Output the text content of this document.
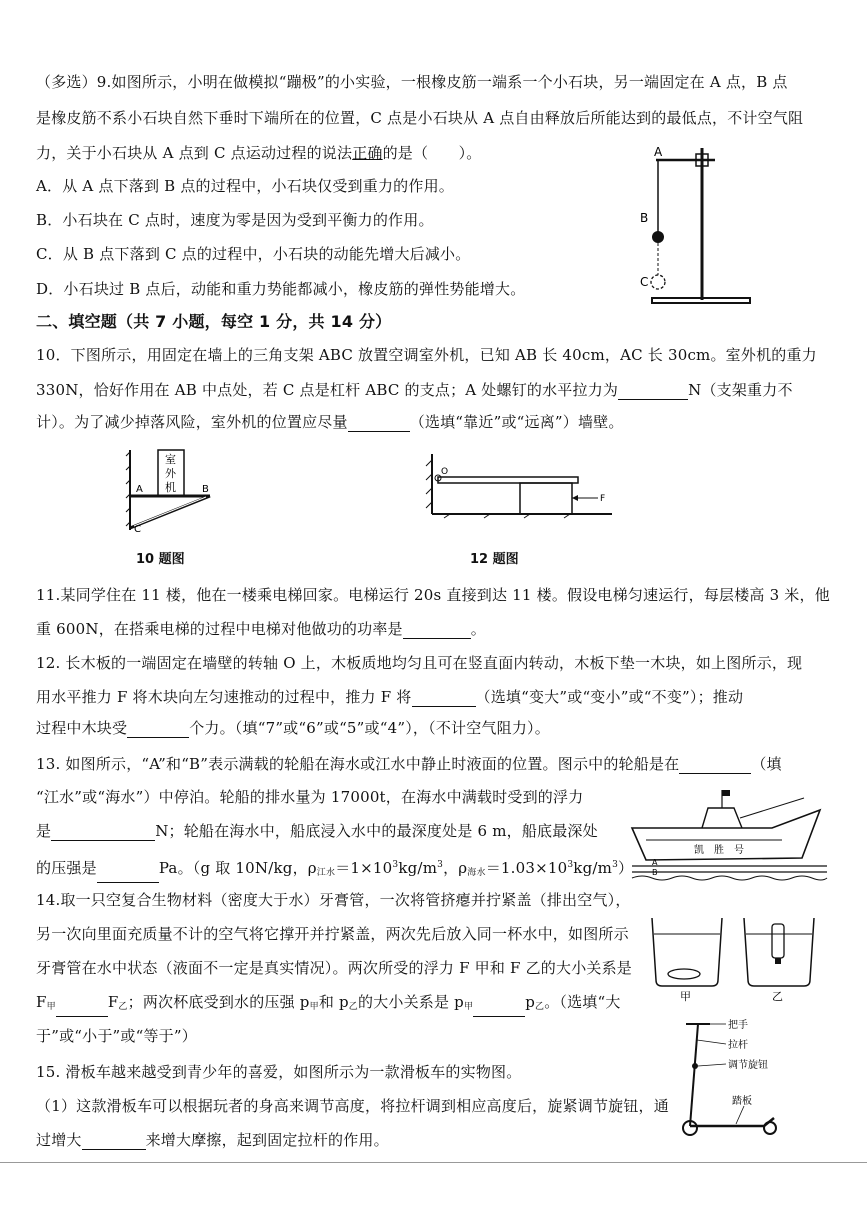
（多选）9.如图所示，小明在做模拟“蹦极”的小实验，一根橡皮筋一端系一个小石块，另一端固定在 A 点，B 点
是橡皮筋不系小石块自然下垂时下端所在的位置，C 点是小石块从 A 点自由释放后所能达到的最低点，不计空气阻
力，关于小石块从 A 点到 C 点运动过程的说法正确的是（　　）。
A．从 A 点下落到 B 点的过程中，小石块仅受到重力的作用。
B．小石块在 C 点时，速度为零是因为受到平衡力的作用。
C．从 B 点下落到 C 点的过程中，小石块的动能先增大后减小。
D．小石块过 B 点后，动能和重力势能都减小，橡皮筋的弹性势能增大。
A
B
C
二、填空题（共 7 小题，每空 1 分，共 14 分）
10．下图所示，用固定在墙上的三角支架 ABC 放置空调室外机，已知 AB 长 40cm，AC 长 30cm。室外机的重力
330N，恰好作用在 AB 中点处，若 C 点是杠杆 ABC 的支点；A 处螺钉的水平拉力为	N（支架重力不
计）。为了减少掉落风险，室外机的位置应尽量	（选填“靠近”或“远离”）墙壁。
室
外
机
A	B
C
10 题图
F
O
12 题图
11.某同学住在 11 楼，他在一楼乘电梯回家。电梯运行 20s 直接到达 11 楼。假设电梯匀速运行，每层楼高 3 米，他
重 600N，在搭乘电梯的过程中电梯对他做功的功率是	。
12. 长木板的一端固定在墙壁的转轴 O 上，木板质地均匀且可在竖直面内转动，木板下垫一木块，如上图所示，现
用水平推力 F 将木块向左匀速推动的过程中，推力 F 将	（选填“变大”或“变小”或“不变”）；推动
过程中木块受	个力。（填“7”或“6”或“5”或“4”），（不计空气阻力）。
13. 如图所示，“A”和“B”表示满载的轮船在海水或江水中静止时液面的位置。图示中的轮船是在	（填
“江水”或“海水”）中停泊。轮船的排水量为 17000t，在海水中满载时受到的浮力
是	N；轮船在海水中，船底浸入水中的最深度处是 6 m，船底最深处
的压强是	Pa。（g 取 10N/kg，$\rho_{江水}=1\times 10^3kg/m^3$，$\rho_{海水}=1.03\times 10^3kg/m^3$）
凯　胜　号
A
B
14.取一只空复合生物材料（密度大于水）牙膏管，一次将管挤瘪并拧紧盖（排出空气），
另一次向里面充质量不计的空气将它撑开并拧紧盖，两次先后放入同一杯水中，如图所示
牙膏管在水中状态（液面不一定是真实情况）。两次所受的浮力 F 甲和 F 乙的大小关系是
$F_甲$	$F_乙$；两次杯底受到水的压强 $p_甲$和 $p_乙$的大小关系是 $p_甲$	$p_乙$。（选填“大
于”或“小于”或“等于”）
甲	乙
15. 滑板车越来越受到青少年的喜爱，如图所示为一款滑板车的实物图。
（1）这款滑板车可以根据玩者的身高来调节高度，将拉杆调到相应高度后，旋紧调节旋钮，通
过增大	来增大摩擦，起到固定拉杆的作用。
把手
拉杆
调节旋钮
踏板
